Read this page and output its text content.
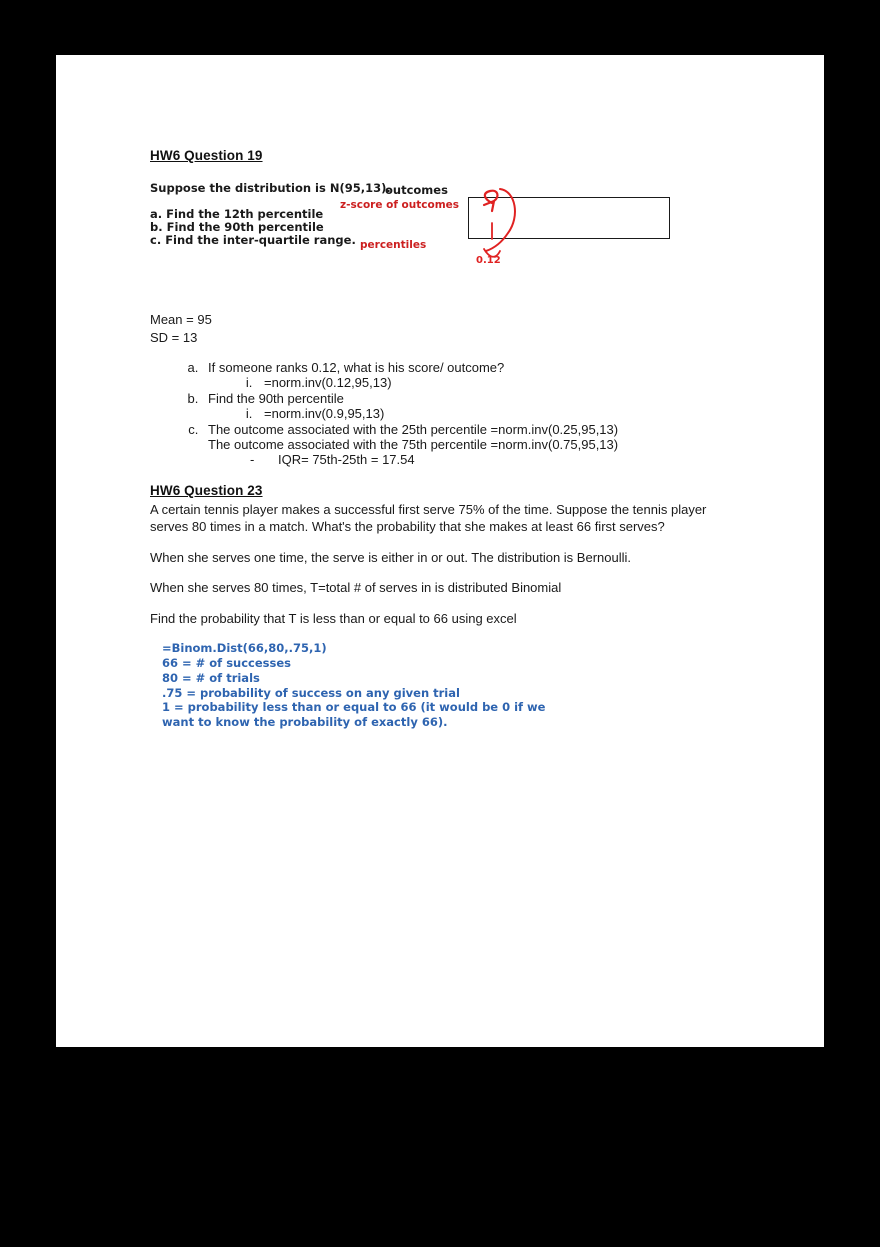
HW6 Question 19
Suppose the distribution is N(95,13).
a. Find the 12th percentile
b. Find the 90th percentile
c. Find the inter-quartile range.
outcomes
z-score of outcomes
percentiles
0.12
Mean = 95
SD = 13
a. If someone ranks 0.12, what is his score/ outcome?
i. =norm.inv(0.12,95,13)
b. Find the 90th percentile
i. =norm.inv(0.9,95,13)
c. The outcome associated with the 25th percentile =norm.inv(0.25,95,13)
The outcome associated with the 75th percentile =norm.inv(0.75,95,13)
- IQR= 75th-25th = 17.54
HW6 Question 23

A certain tennis player makes a successful first serve 75% of the time. Suppose the tennis player serves 80 times in a match. What's the probability that she makes at least 66 first serves?

When she serves one time, the serve is either in or out. The distribution is Bernoulli.

When she serves 80 times, T=total # of serves in is distributed Binomial

Find the probability that T is less than or equal to 66 using excel

=Binom.Dist(66,80,.75,1)
66 = # of successes
80 = # of trials
.75 = probability of success on any given trial
1 = probability less than or equal to 66 (it would be 0 if we
want to know the probability of exactly 66).
